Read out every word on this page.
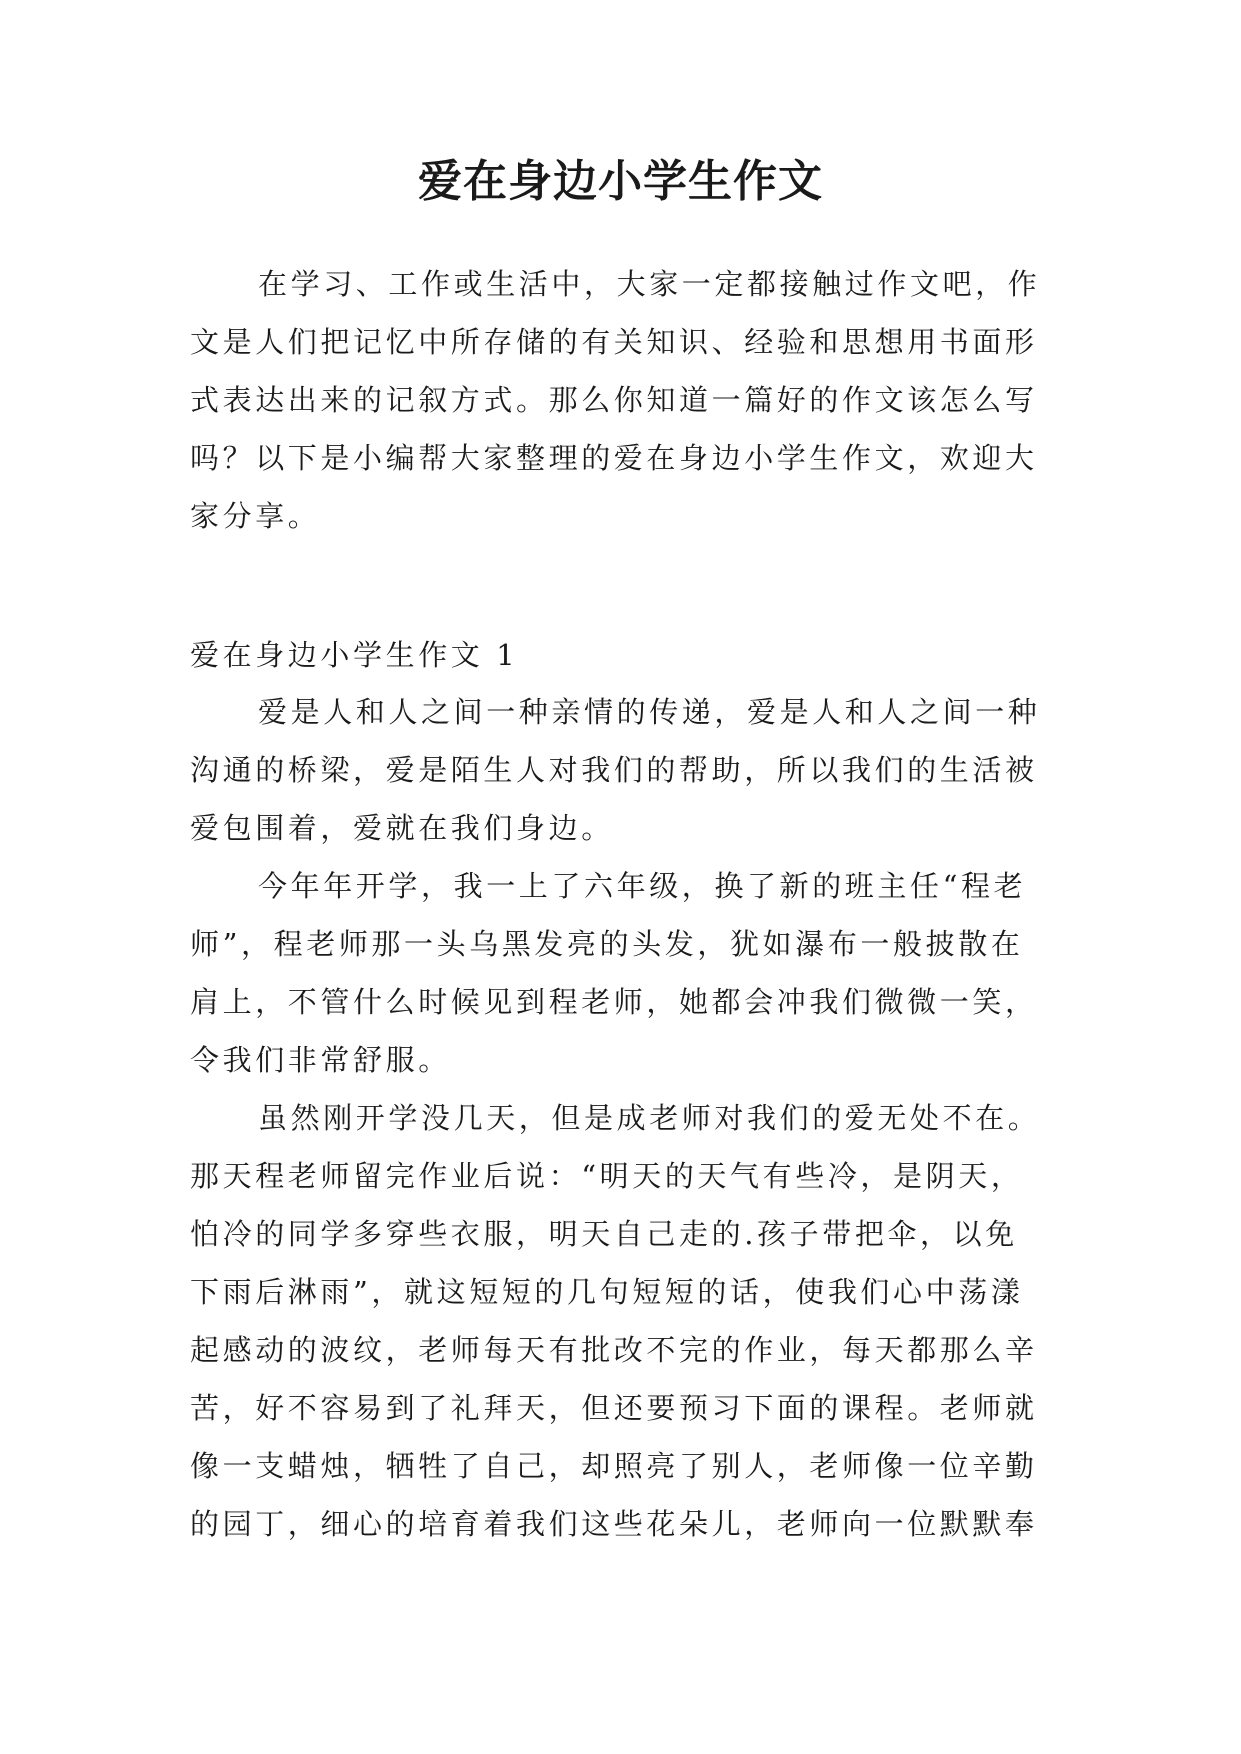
爱在身边小学生作文

在学习、工作或生活中，大家一定都接触过作文吧，作

文是人们把记忆中所存储的有关知识、经验和思想用书面形

式表达出来的记叙方式。那么你知道一篇好的作文该怎么写

吗？以下是小编帮大家整理的爱在身边小学生作文，欢迎大

家分享。

爱在身边小学生作文 1

爱是人和人之间一种亲情的传递，爱是人和人之间一种

沟通的桥梁，爱是陌生人对我们的帮助，所以我们的生活被

爱包围着，爱就在我们身边。

今年年开学，我一上了六年级，换了新的班主任“程老

师”，程老师那一头乌黑发亮的头发，犹如瀑布一般披散在

肩上，不管什么时候见到程老师，她都会冲我们微微一笑，

令我们非常舒服。

虽然刚开学没几天，但是成老师对我们的爱无处不在。

那天程老师留完作业后说：“明天的天气有些冷，是阴天，

怕冷的同学多穿些衣服，明天自己走的.孩子带把伞，以免

下雨后淋雨”，就这短短的几句短短的话，使我们心中荡漾

起感动的波纹，老师每天有批改不完的作业，每天都那么辛

苦，好不容易到了礼拜天，但还要预习下面的课程。老师就

像一支蜡烛，牺牲了自己，却照亮了别人，老师像一位辛勤

的园丁，细心的培育着我们这些花朵儿，老师向一位默默奉
